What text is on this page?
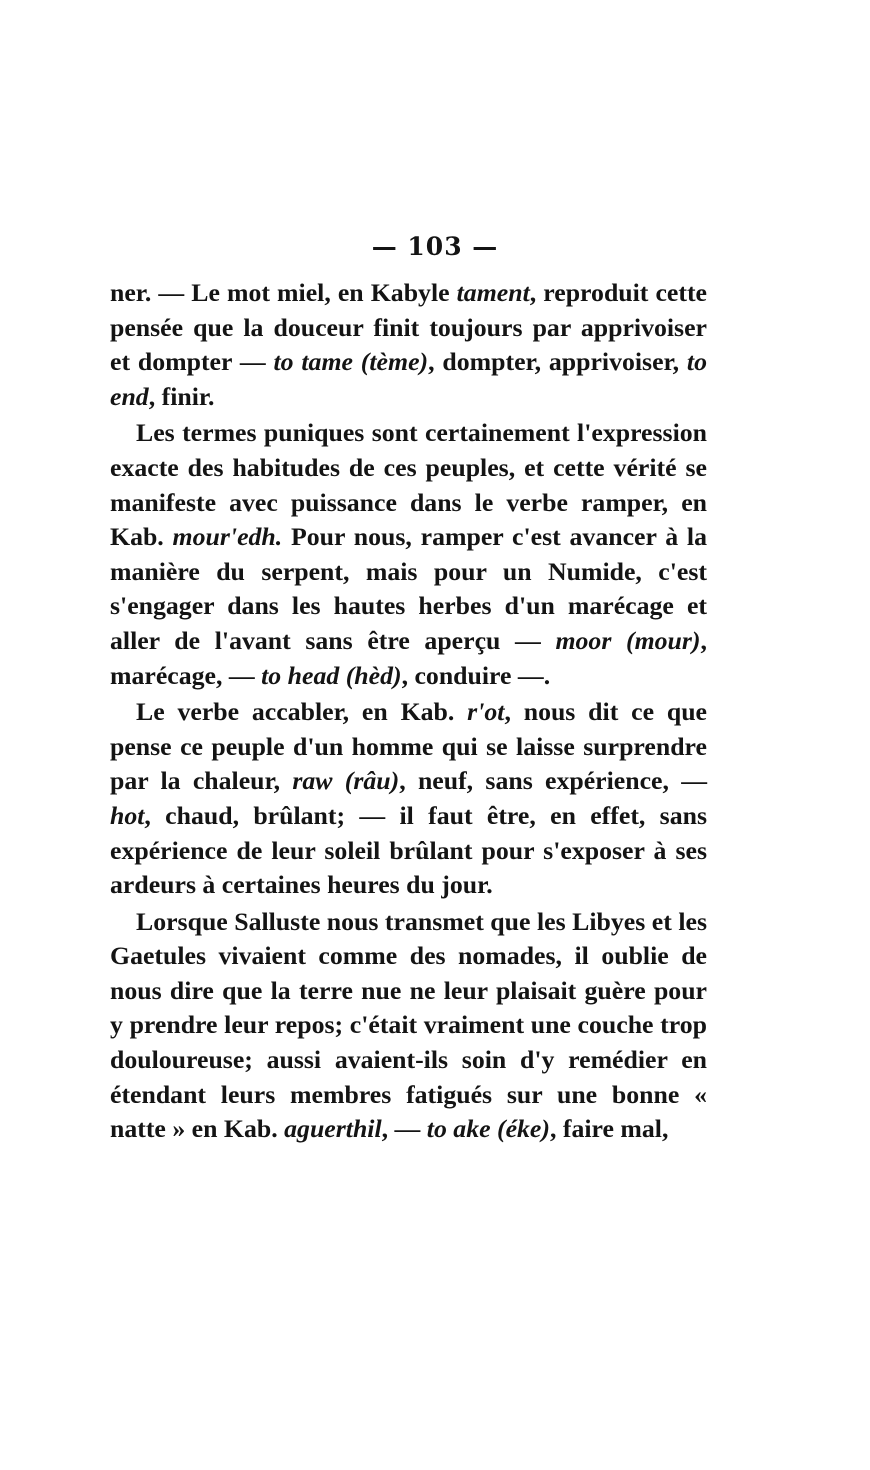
— 103 —

ner. — Le mot miel, en Kabyle tament, reproduit cette pensée que la douceur finit toujours par apprivoiser et dompter — to tame (tème), dompter, apprivoiser, to end, finir.

Les termes puniques sont certainement l'expression exacte des habitudes de ces peuples, et cette vérité se manifeste avec puissance dans le verbe ramper, en Kab. mour'edh. Pour nous, ramper c'est avancer à la manière du serpent, mais pour un Numide, c'est s'engager dans les hautes herbes d'un marécage et aller de l'avant sans être aperçu — moor (mour), marécage, — to head (hèd), conduire —.

Le verbe accabler, en Kab. r'ot, nous dit ce que pense ce peuple d'un homme qui se laisse surprendre par la chaleur, raw (râu), neuf, sans expérience, — hot, chaud, brûlant; — il faut être, en effet, sans expérience de leur soleil brûlant pour s'exposer à ses ardeurs à certaines heures du jour.

Lorsque Salluste nous transmet que les Libyes et les Gaetules vivaient comme des nomades, il oublie de nous dire que la terre nue ne leur plaisait guère pour y prendre leur repos; c'était vraiment une couche trop douloureuse; aussi avaient-ils soin d'y remédier en étendant leurs membres fatigués sur une bonne « natte » en Kab. aguerthil, — to ake (éke), faire mal,
